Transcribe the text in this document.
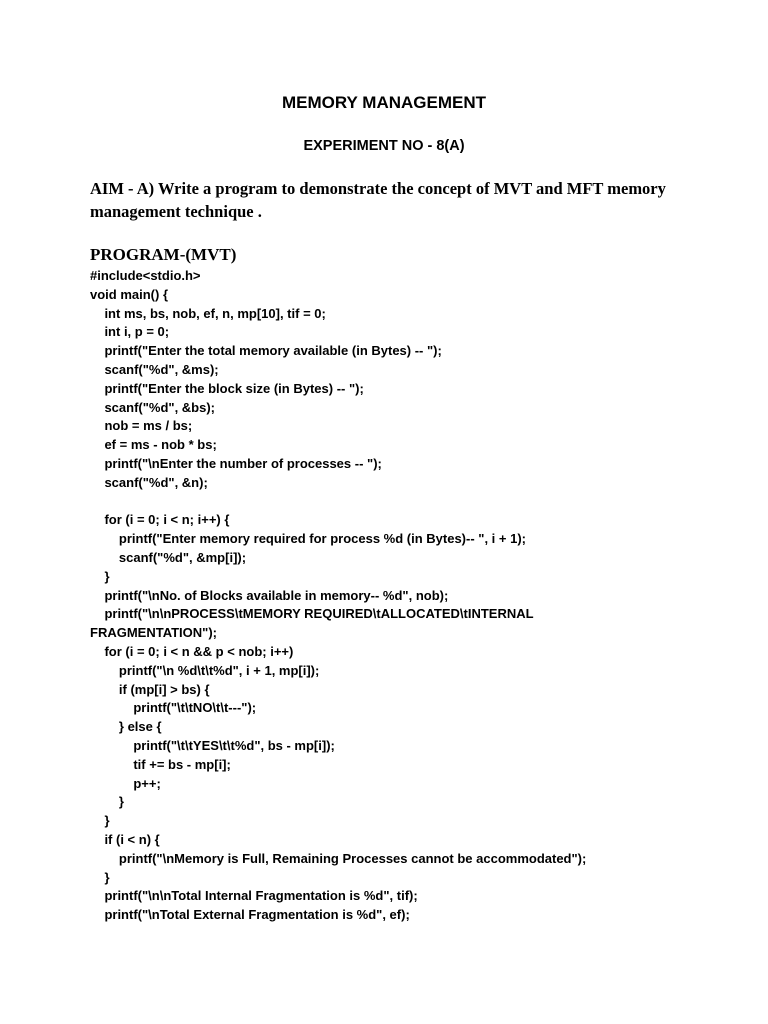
MEMORY MANAGEMENT
EXPERIMENT NO - 8(A)

AIM - A) Write a program to demonstrate the concept of MVT and MFT memory management technique .

PROGRAM-(MVT)
#include<stdio.h>
void main() {
int ms, bs, nob, ef, n, mp[10], tif = 0;
int i, p = 0;
printf("Enter the total memory available (in Bytes) -- ");
scanf("%d", &ms);
printf("Enter the block size (in Bytes) -- ");
scanf("%d", &bs);
nob = ms / bs;
ef = ms - nob * bs;
printf("\nEnter the number of processes -- ");
scanf("%d", &n);
for (i = 0; i < n; i++) {
printf("Enter memory required for process %d (in Bytes)-- ", i + 1);
scanf("%d", &mp[i]);
}
printf("\nNo. of Blocks available in memory-- %d", nob);
printf("\n\nPROCESS\tMEMORY REQUIRED\tALLOCATED\tINTERNAL
FRAGMENTATION");
for (i = 0; i < n && p < nob; i++)
printf("\n %d\t\t%d", i + 1, mp[i]);
if (mp[i] > bs) {
printf("\t\tNO\t\t---");
} else {
printf("\t\tYES\t\t%d", bs - mp[i]);
tif += bs - mp[i];
p++;
}
}
if (i < n) {
printf("\nMemory is Full, Remaining Processes cannot be accommodated");
}
printf("\n\nTotal Internal Fragmentation is %d", tif);
printf("\nTotal External Fragmentation is %d", ef);
